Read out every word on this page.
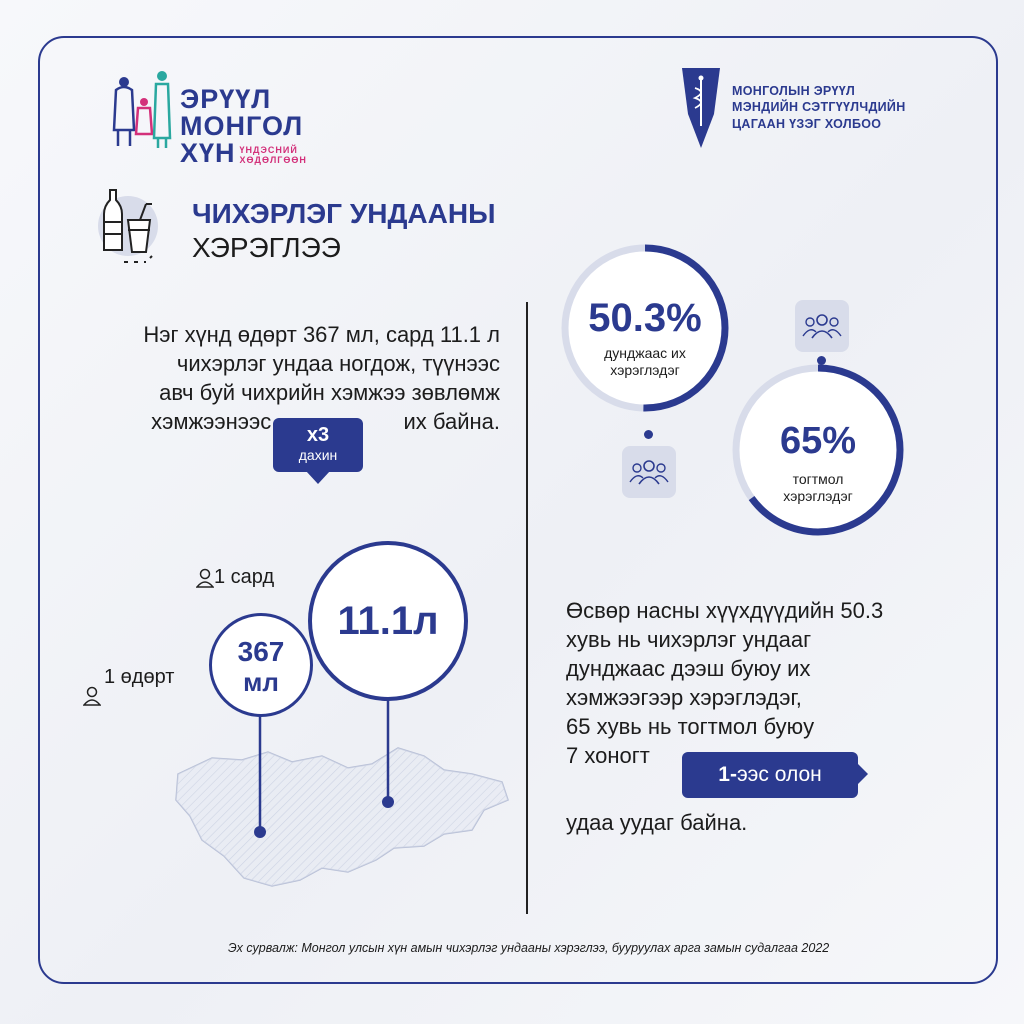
ЭРҮҮЛ
МОНГОЛ
ХҮН ҮНДЭСНИЙ
ХӨДӨЛГӨӨН
МОНГОЛЫН ЭРҮҮЛ
МЭНДИЙН СЭТГҮҮЛЧДИЙН
ЦАГААН ҮЗЭГ ХОЛБОО
ЧИХЭРЛЭГ УНДААНЫ
ХЭРЭГЛЭЭ
Нэг хүнд өдөрт 367 мл, сард 11.1 л
чихэрлэг ундаа ногдож, түүнээс
авч буй чихрийн хэмжээ зөвлөмж
хэмжээнээс	их байна.
x3
дахин
1 сард
11.1л
1 өдөрт
367
мл
50.3%
дунджаас их
хэрэглэдэг
65%
тогтмол
хэрэглэдэг
Өсвөр насны хүүхдүүдийн 50.3
хувь нь чихэрлэг ундааг
дунджаас дээш буюу их
хэмжээгээр хэрэглэдэг,
65 хувь нь тогтмол буюу
7 хоногт
1- ээс олон
удаа уудаг байна.
Эх сурвалж: Монгол улсын хүн амын чихэрлэг ундааны хэрэглээ, бууруулах арга замын судалгаа 2022
